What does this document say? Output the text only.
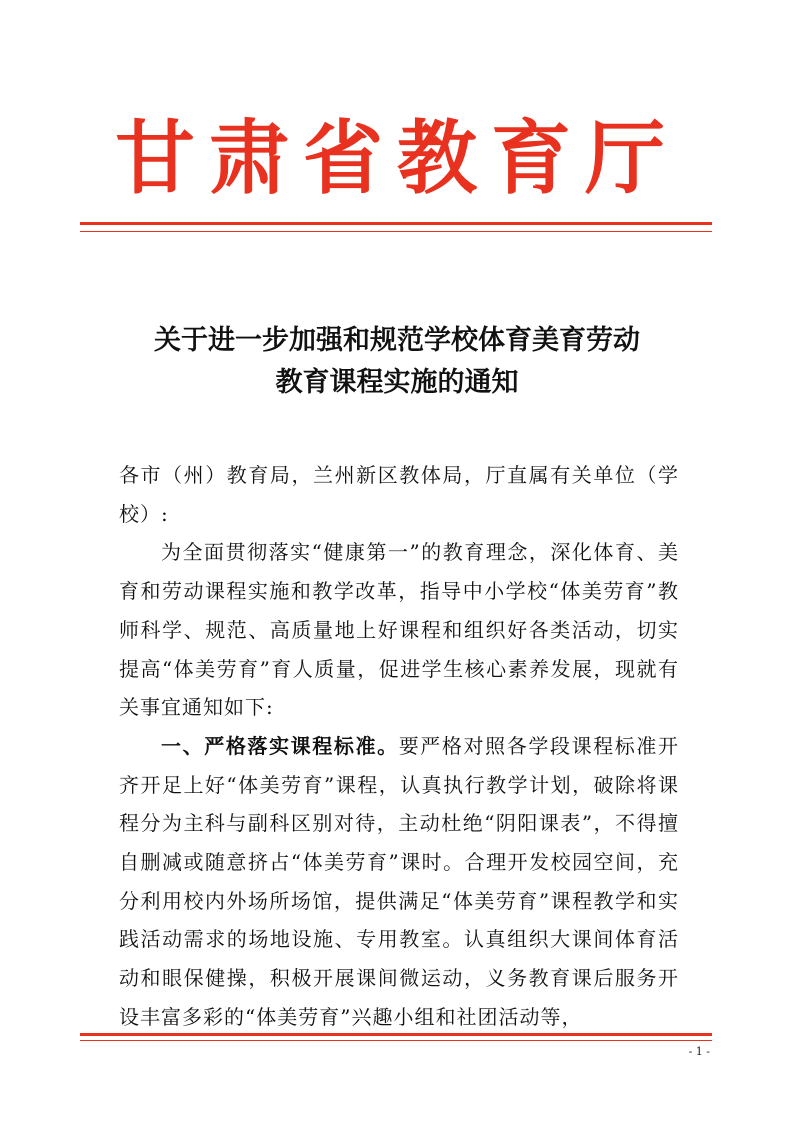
甘肃省教育厅
关于进一步加强和规范学校体育美育劳动
教育课程实施的通知

各市（州）教育局，兰州新区教体局，厅直属有关单位（学校）:

为全面贯彻落实“健康第一”的教育理念，深化体育、美育和劳动课程实施和教学改革，指导中小学校“体美劳育”教师科学、规范、高质量地上好课程和组织好各类活动，切实提高“体美劳育”育人质量，促进学生核心素养发展，现就有关事宜通知如下:

一、严格落实课程标准。要严格对照各学段课程标准开齐开足上好“体美劳育”课程，认真执行教学计划，破除将课程分为主科与副科区别对待，主动杜绝“阴阳课表”，不得擅自删减或随意挤占“体美劳育”课时。合理开发校园空间，充分利用校内外场所场馆，提供满足“体美劳育”课程教学和实践活动需求的场地设施、专用教室。认真组织大课间体育活动和眼保健操，积极开展课间微运动，义务教育课后服务开设丰富多彩的“体美劳育”兴趣小组和社团活动等，

- 1 -
